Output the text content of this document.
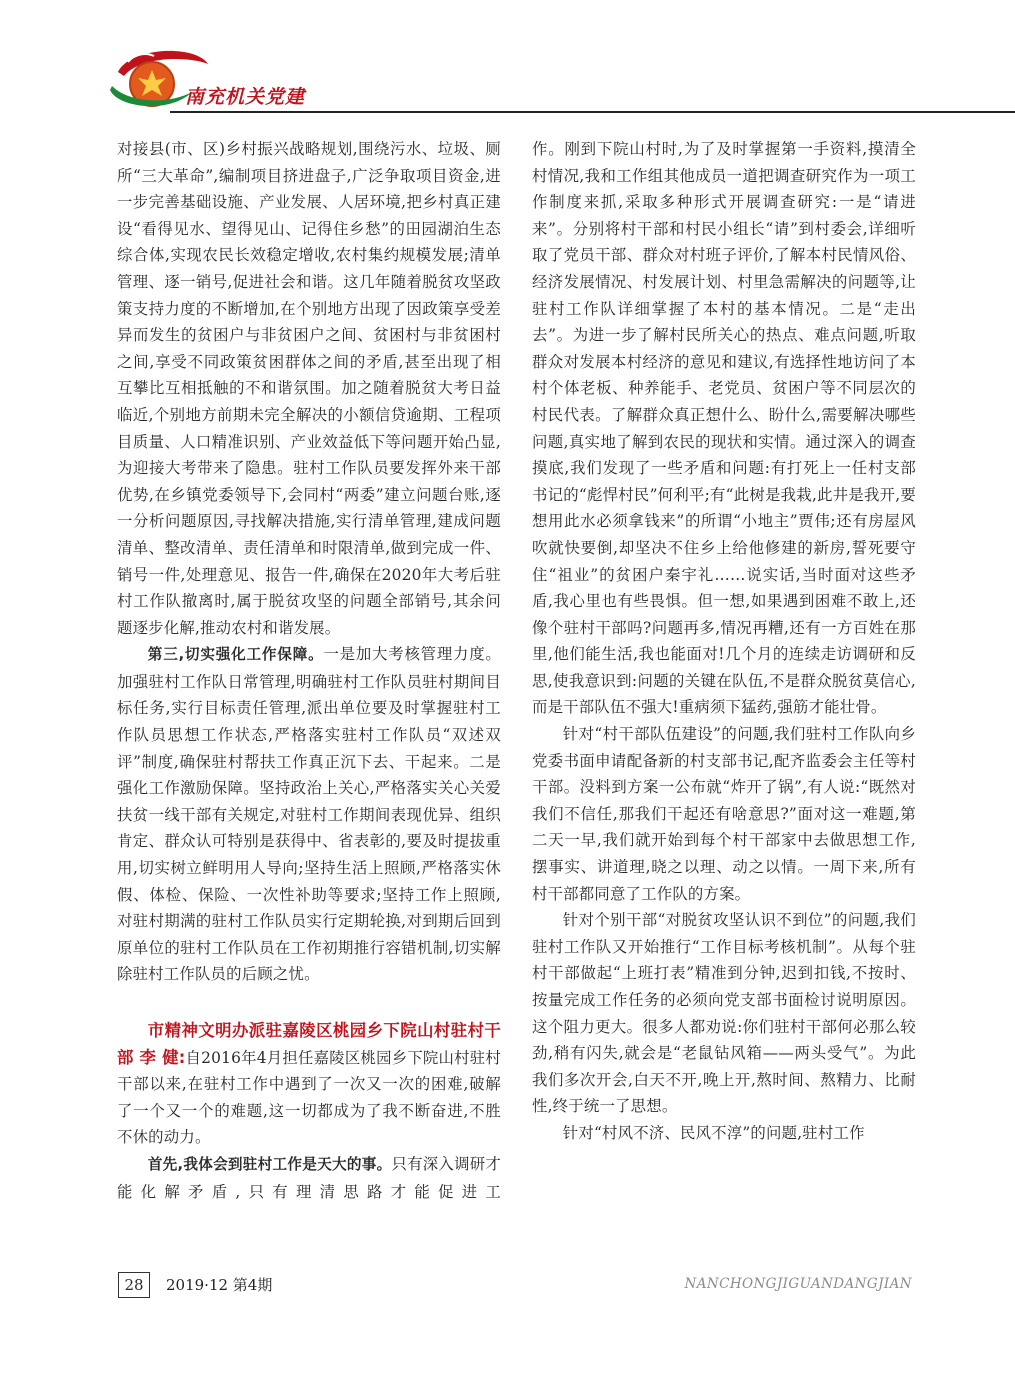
南充机关党建

对接县(市、区)乡村振兴战略规划,围绕污水、垃圾、厕所“三大革命”,编制项目挤进盘子,广泛争取项目资金,进一步完善基础设施、产业发展、人居环境,把乡村真正建设“看得见水、望得见山、记得住乡愁”的田园湖泊生态综合体,实现农民长效稳定增收,农村集约规模发展;清单管理、逐一销号,促进社会和谐。这几年随着脱贫攻坚政策支持力度的不断增加,在个别地方出现了因政策享受差异而发生的贫困户与非贫困户之间、贫困村与非贫困村之间,享受不同政策贫困群体之间的矛盾,甚至出现了相互攀比互相抵触的不和谐氛围。加之随着脱贫大考日益临近,个别地方前期未完全解决的小额信贷逾期、工程项目质量、人口精准识别、产业效益低下等问题开始凸显,为迎接大考带来了隐患。驻村工作队员要发挥外来干部优势,在乡镇党委领导下,会同村“两委”建立问题台账,逐一分析问题原因,寻找解决措施,实行清单管理,建成问题清单、整改清单、责任清单和时限清单,做到完成一件、销号一件,处理意见、报告一件,确保在2020年大考后驻村工作队撤离时,属于脱贫攻坚的问题全部销号,其余问题逐步化解,推动农村和谐发展。

第三,切实强化工作保障。一是加大考核管理力度。加强驻村工作队日常管理,明确驻村工作队员驻村期间目标任务,实行目标责任管理,派出单位要及时掌握驻村工作队员思想工作状态,严格落实驻村工作队员“双述双评”制度,确保驻村帮扶工作真正沉下去、干起来。二是强化工作激励保障。坚持政治上关心,严格落实关心关爱扶贫一线干部有关规定,对驻村工作期间表现优异、组织肯定、群众认可特别是获得中、省表彰的,要及时提拔重用,切实树立鲜明用人导向;坚持生活上照顾,严格落实休假、体检、保险、一次性补助等要求;坚持工作上照顾,对驻村期满的驻村工作队员实行定期轮换,对到期后回到原单位的驻村工作队员在工作初期推行容错机制,切实解除驻村工作队员的后顾之忧。

市精神文明办派驻嘉陵区桃园乡下院山村驻村干部 李 健:自2016年4月担任嘉陵区桃园乡下院山村驻村干部以来,在驻村工作中遇到了一次又一次的困难,破解了一个又一个的难题,这一切都成为了我不断奋进,不胜不休的动力。

首先,我体会到驻村工作是天大的事。只有深入调研才能化解矛盾,只有理清思路才能促进工

作。刚到下院山村时,为了及时掌握第一手资料,摸清全村情况,我和工作组其他成员一道把调查研究作为一项工作制度来抓,采取多种形式开展调查研究:一是“请进来”。分别将村干部和村民小组长“请”到村委会,详细听取了党员干部、群众对村班子评价,了解本村民情风俗、经济发展情况、村发展计划、村里急需解决的问题等,让驻村工作队详细掌握了本村的基本情况。二是“走出去”。为进一步了解村民所关心的热点、难点问题,听取群众对发展本村经济的意见和建议,有选择性地访问了本村个体老板、种养能手、老党员、贫困户等不同层次的村民代表。了解群众真正想什么、盼什么,需要解决哪些问题,真实地了解到农民的现状和实情。通过深入的调查摸底,我们发现了一些矛盾和问题:有打死上一任村支部书记的“彪悍村民”何利平;有“此树是我栽,此井是我开,要想用此水必须拿钱来”的所谓“小地主”贾伟;还有房屋风吹就快要倒,却坚决不住乡上给他修建的新房,誓死要守住“祖业”的贫困户秦宇礼……说实话,当时面对这些矛盾,我心里也有些畏惧。但一想,如果遇到困难不敢上,还像个驻村干部吗?问题再多,情况再糟,还有一方百姓在那里,他们能生活,我也能面对!几个月的连续走访调研和反思,使我意识到:问题的关键在队伍,不是群众脱贫莫信心,而是干部队伍不强大!重病须下猛药,强筋才能壮骨。

针对“村干部队伍建设”的问题,我们驻村工作队向乡党委书面申请配备新的村支部书记,配齐监委会主任等村干部。没料到方案一公布就“炸开了锅”,有人说:“既然对我们不信任,那我们干起还有啥意思?”面对这一难题,第二天一早,我们就开始到每个村干部家中去做思想工作,摆事实、讲道理,晓之以理、动之以情。一周下来,所有村干部都同意了工作队的方案。

针对个别干部“对脱贫攻坚认识不到位”的问题,我们驻村工作队又开始推行“工作目标考核机制”。从每个驻村干部做起“上班打表”精准到分钟,迟到扣钱,不按时、按量完成工作任务的必须向党支部书面检讨说明原因。这个阻力更大。很多人都劝说:你们驻村干部何必那么较劲,稍有闪失,就会是“老鼠钻风箱——两头受气”。为此我们多次开会,白天不开,晚上开,熬时间、熬精力、比耐性,终于统一了思想。

针对“村风不济、民风不淳”的问题,驻村工作

28	2019·12 第4期	NANCHONGJIGUANDANGJIAN
